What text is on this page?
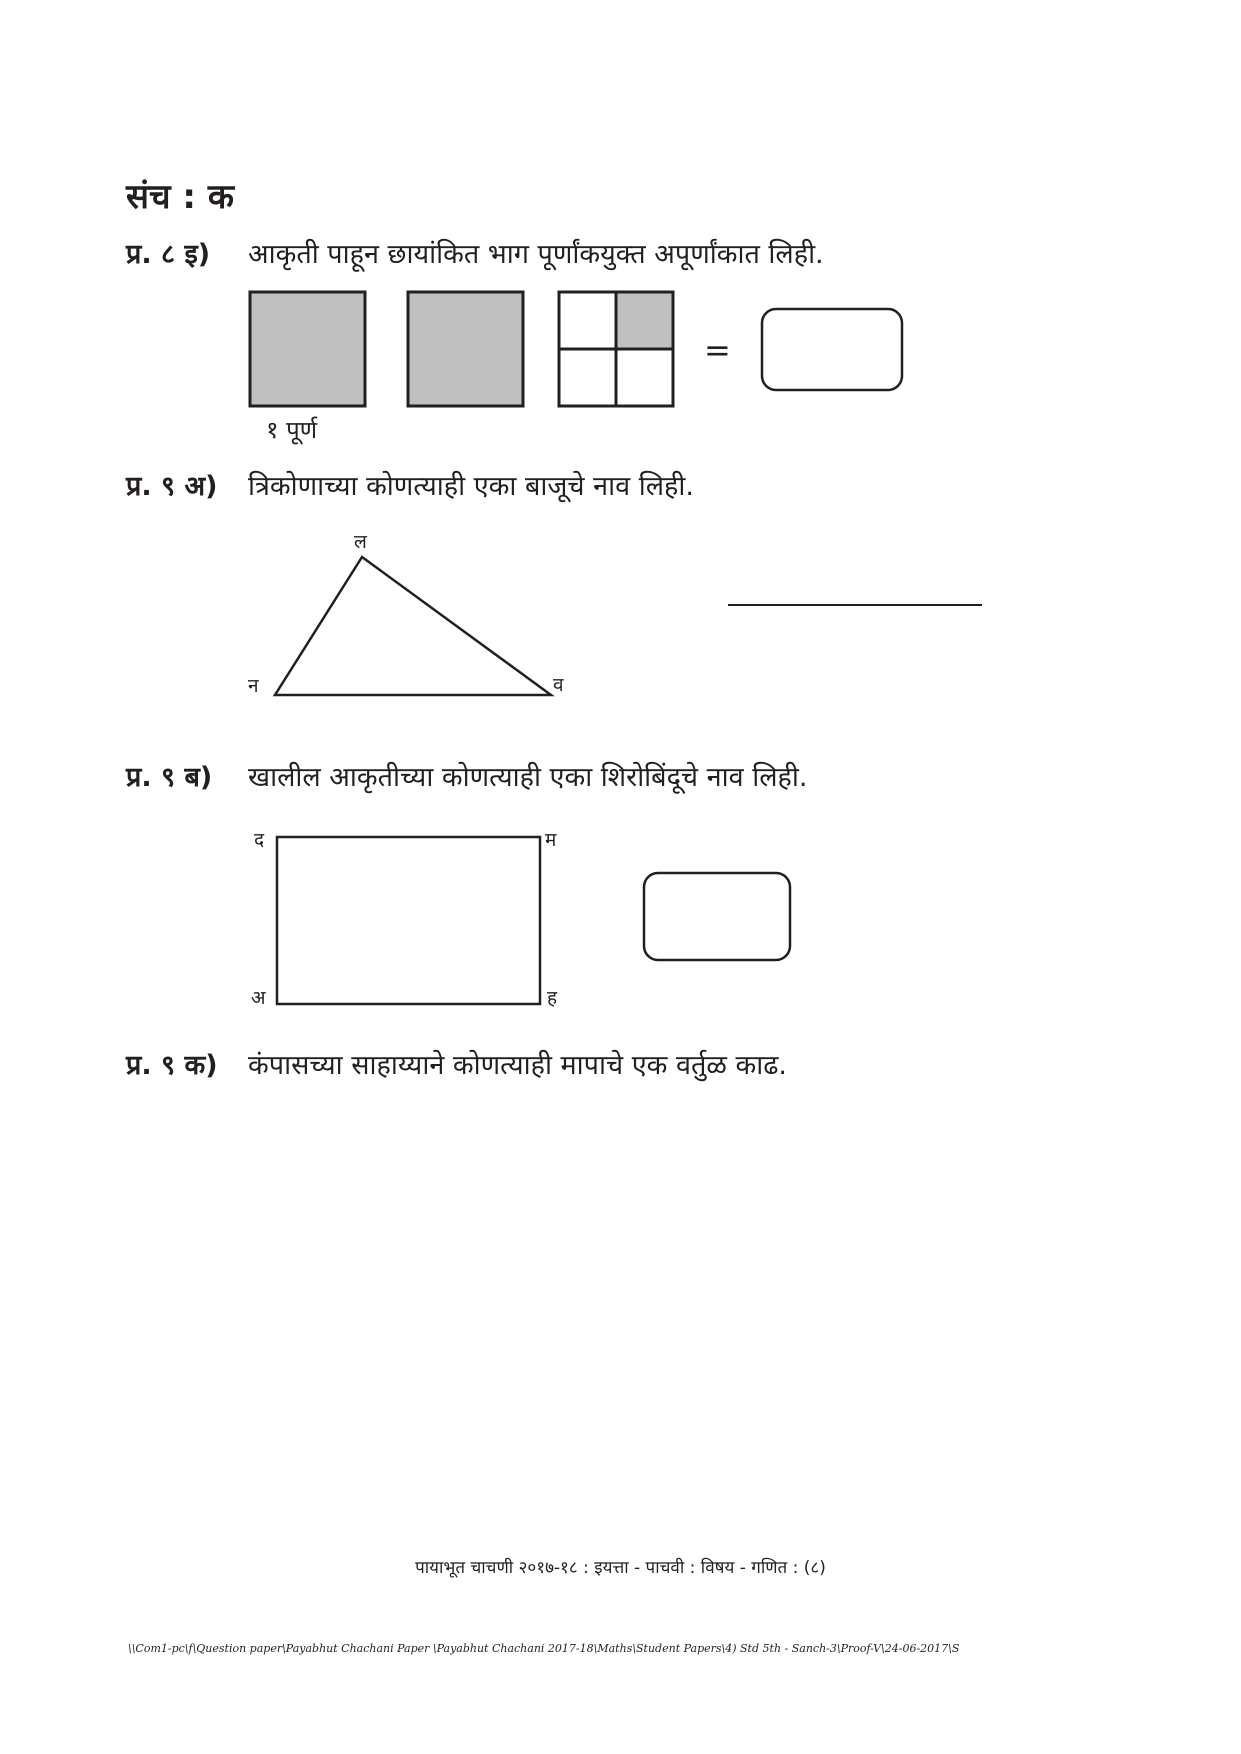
संच : क
प्र. ८ इ) आकृती पाहून छायांकित भाग पूर्णांकयुक्त अपूर्णांकात लिही.
प्र. ९ अ) त्रिकोणाच्या कोणत्याही एका बाजूचे नाव लिही.
प्र. ९ ब) खालील आकृतीच्या कोणत्याही एका शिरोबिंदूचे नाव लिही.
प्र. ९ क) कंपासच्या साहाय्याने कोणत्याही मापाचे एक वर्तुळ काढ.
१ पूर्ण
=
ल
न	व
द	म
अ	ह
पायाभूत चाचणी २०१७-१८ : इयत्ता - पाचवी : विषय - गणित : (८)
\\Com1-pc\f\Question paper\Payabhut Chachani Paper \Payabhut Chachani 2017-18\Maths\Student Papers\4) Std 5th - Sanch-3\Proof-V\24-06-2017\S
